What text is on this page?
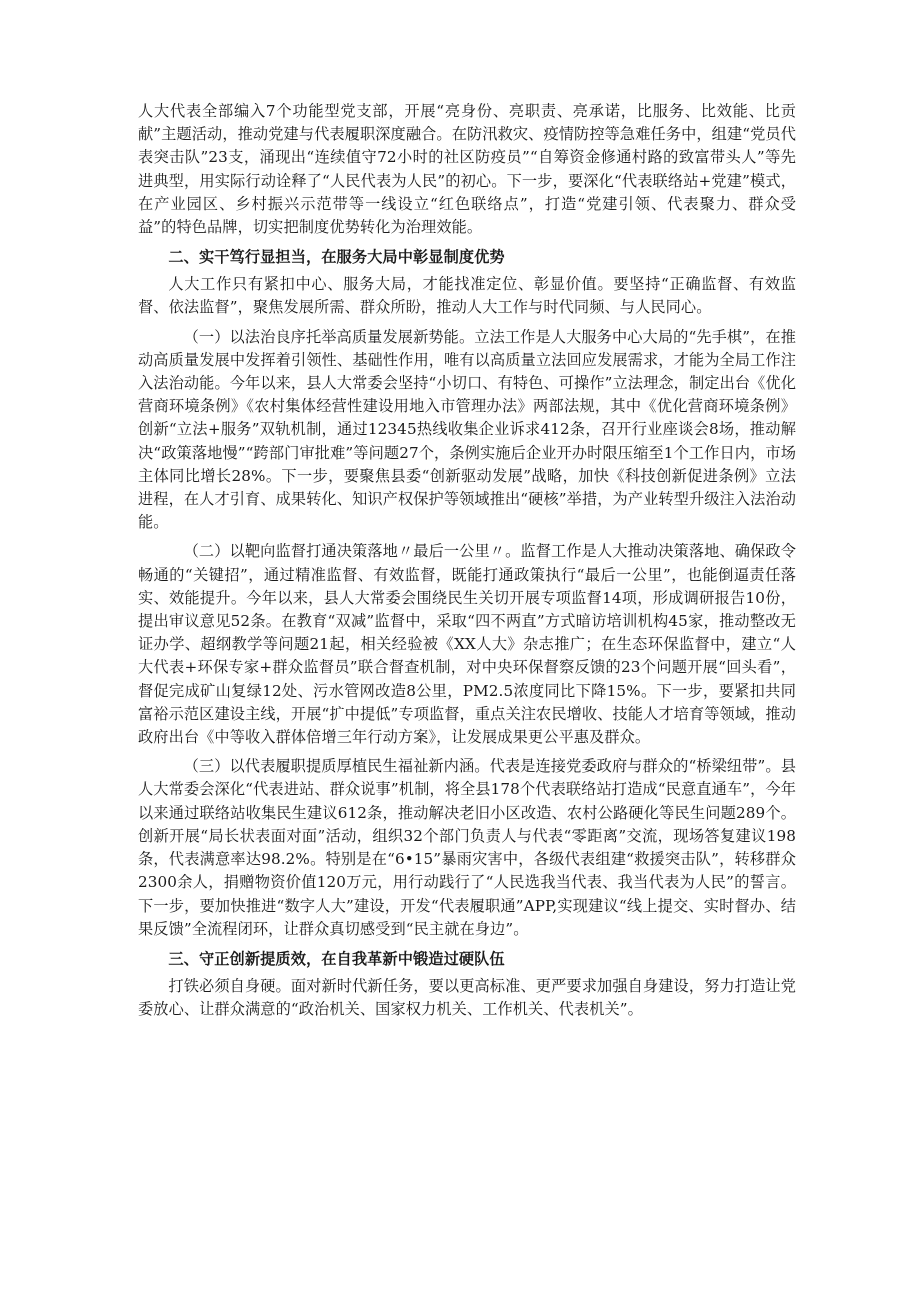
人大代表全部编入7个功能型党支部，开展“亮身份、亮职责、亮承诺，比服务、比效能、比贡献”主题活动，推动党建与代表履职深度融合。在防汛救灾、疫情防控等急难任务中，组建“党员代表突击队”23支，涌现出“连续值守72小时的社区防疫员”“自筹资金修通村路的致富带头人”等先进典型，用实际行动诠释了“人民代表为人民”的初心。下一步，要深化“代表联络站+党建”模式，在产业园区、乡村振兴示范带等一线设立“红色联络点”，打造“党建引领、代表聚力、群众受益”的特色品牌，切实把制度优势转化为治理效能。

二、实干笃行显担当，在服务大局中彰显制度优势

人大工作只有紧扣中心、服务大局，才能找准定位、彰显价值。要坚持“正确监督、有效监督、依法监督”，聚焦发展所需、群众所盼，推动人大工作与时代同频、与人民同心。

（一）以法治良序托举高质量发展新势能。立法工作是人大服务中心大局的“先手棋”，在推动高质量发展中发挥着引领性、基础性作用，唯有以高质量立法回应发展需求，才能为全局工作注入法治动能。今年以来，县人大常委会坚持“小切口、有特色、可操作”立法理念，制定出台《优化营商环境条例》《农村集体经营性建设用地入市管理办法》两部法规，其中《优化营商环境条例》创新“立法+服务”双轨机制，通过12345热线收集企业诉求412条，召开行业座谈会8场，推动解决“政策落地慢”“跨部门审批难”等问题27个，条例实施后企业开办时限压缩至1个工作日内，市场主体同比增长28%。下一步，要聚焦县委“创新驱动发展”战略，加快《科技创新促进条例》立法进程，在人才引育、成果转化、知识产权保护等领域推出“硬核”举措，为产业转型升级注入法治动能。

（二）以靶向监督打通决策落地〃最后一公里〃。监督工作是人大推动决策落地、确保政令畅通的“关键招”，通过精准监督、有效监督，既能打通政策执行“最后一公里”，也能倒逼责任落实、效能提升。今年以来，县人大常委会围绕民生关切开展专项监督14项，形成调研报告10份，提出审议意见52条。在教育“双减”监督中，采取“四不两直”方式暗访培训机构45家，推动整改无证办学、超纲教学等问题21起，相关经验被《XX人大》杂志推广；在生态环保监督中，建立“人大代表+环保专家+群众监督员”联合督查机制，对中央环保督察反馈的23个问题开展“回头看”，督促完成矿山复绿12处、污水管网改造8公里，PM2.5浓度同比下降15%。下一步，要紧扣共同富裕示范区建设主线，开展“扩中提低”专项监督，重点关注农民增收、技能人才培育等领域，推动政府出台《中等收入群体倍增三年行动方案》，让发展成果更公平惠及群众。

（三）以代表履职提质厚植民生福祉新内涵。代表是连接党委政府与群众的“桥梁纽带”。县人大常委会深化“代表进站、群众说事”机制，将全县178个代表联络站打造成“民意直通车”，今年以来通过联络站收集民生建议612条，推动解决老旧小区改造、农村公路硬化等民生问题289个。创新开展“局长状表面对面”活动，组织32个部门负责人与代表“零距离”交流，现场答复建议198条，代表满意率达98.2%。特别是在“6•15”暴雨灾害中，各级代表组建“救援突击队”，转移群众2300余人，捐赠物资价值120万元，用行动践行了“人民选我当代表、我当代表为人民”的誓言。下一步，要加快推进“数字人大”建设，开发“代表履职通”APP,实现建议“线上提交、实时督办、结果反馈”全流程闭环，让群众真切感受到“民主就在身边”。

三、守正创新提质效，在自我革新中锻造过硬队伍

打铁必须自身硬。面对新时代新任务，要以更高标准、更严要求加强自身建设，努力打造让党委放心、让群众满意的“政治机关、国家权力机关、工作机关、代表机关”。
